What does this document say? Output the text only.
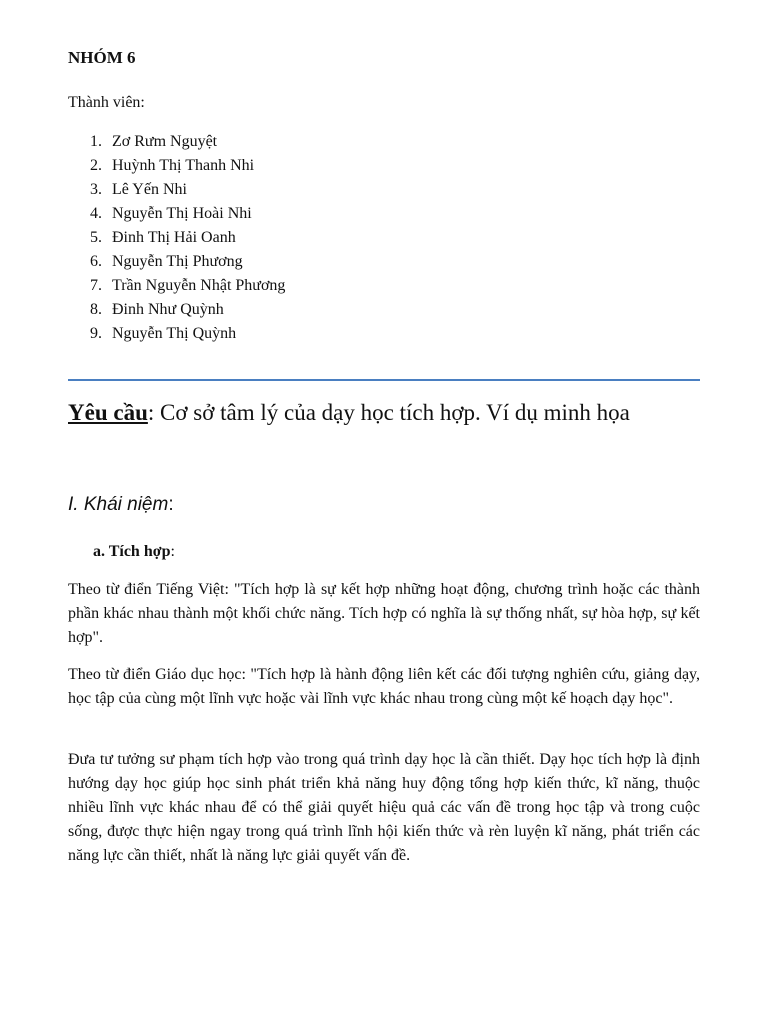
NHÓM 6

Thành viên:

1. Zơ Rưm Nguyệt
2. Huỳnh Thị Thanh Nhi
3. Lê Yến Nhi
4. Nguyễn Thị Hoài Nhi
5. Đinh Thị Hải Oanh
6. Nguyễn Thị Phương
7. Trần Nguyễn Nhật Phương
8. Đinh Như Quỳnh
9. Nguyễn Thị Quỳnh
Yêu cầu: Cơ sở tâm lý của dạy học tích hợp. Ví dụ minh họa
I. Khái niệm:
a. Tích hợp:

Theo từ điển Tiếng Việt: "Tích hợp là sự kết hợp những hoạt động, chương trình hoặc các thành phần khác nhau thành một khối chức năng. Tích hợp có nghĩa là sự thống nhất, sự hòa hợp, sự kết hợp".

Theo từ điển Giáo dục học: "Tích hợp là hành động liên kết các đối tượng nghiên cứu, giảng dạy, học tập của cùng một lĩnh vực hoặc vài lĩnh vực khác nhau trong cùng một kế hoạch dạy học".

Đưa tư tưởng sư phạm tích hợp vào trong quá trình dạy học là cần thiết. Dạy học tích hợp là định hướng dạy học giúp học sinh phát triển khả năng huy động tổng hợp kiến thức, kĩ năng, thuộc nhiều lĩnh vực khác nhau để có thể giải quyết hiệu quả các vấn đề trong học tập và trong cuộc sống, được thực hiện ngay trong quá trình lĩnh hội kiến thức và rèn luyện kĩ năng, phát triển các năng lực cần thiết, nhất là năng lực giải quyết vấn đề.
